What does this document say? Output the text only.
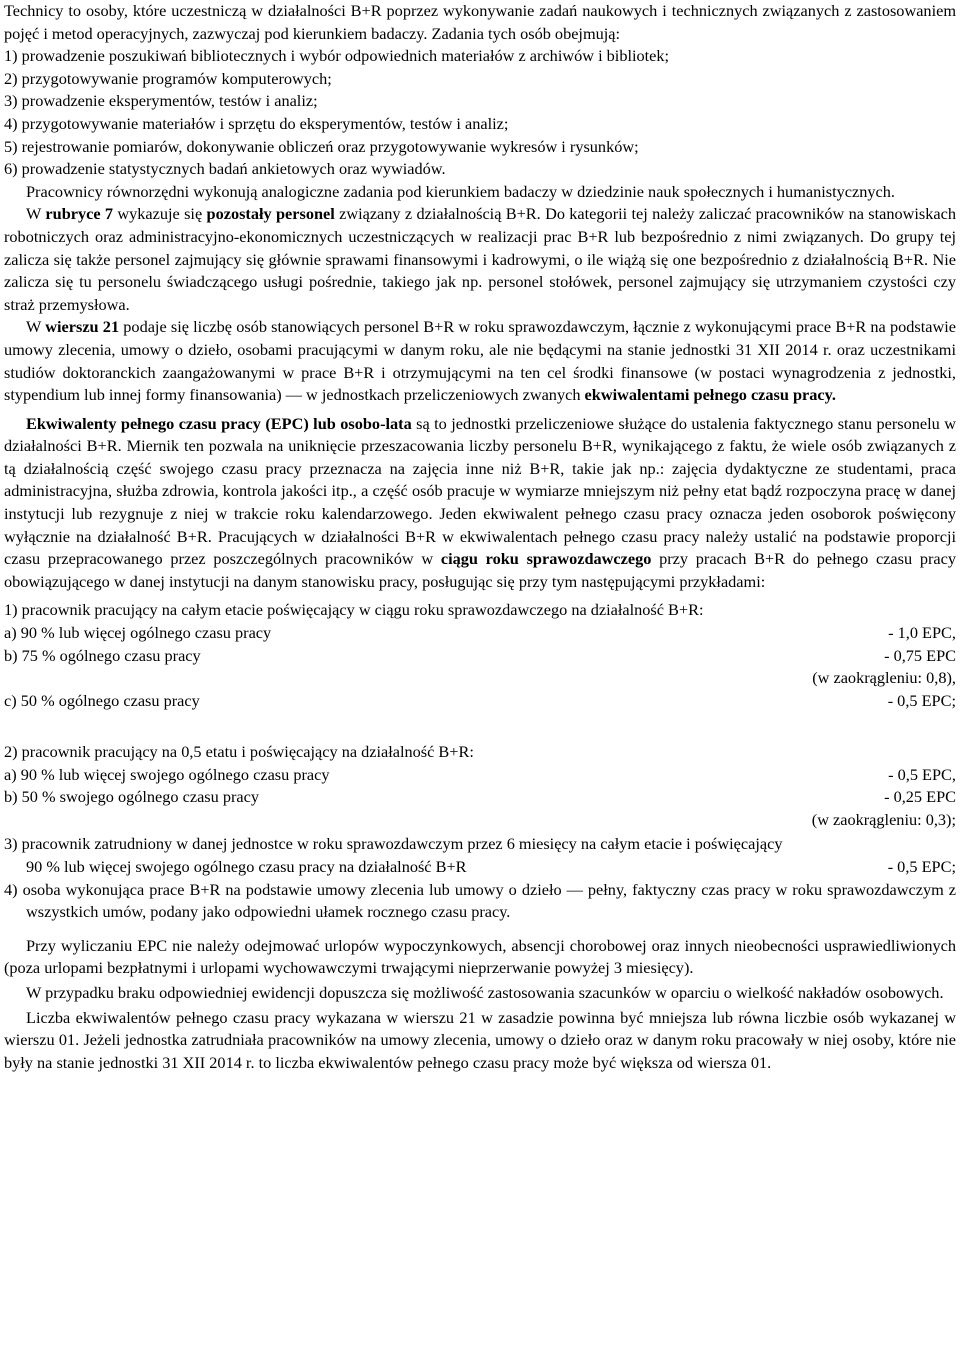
Technicy to osoby, które uczestniczą w działalności B+R poprzez wykonywanie zadań naukowych i technicznych związanych z zastosowaniem pojęć i metod operacyjnych, zazwyczaj pod kierunkiem badaczy. Zadania tych osób obejmują:

1) prowadzenie poszukiwań bibliotecznych i wybór odpowiednich materiałów z archiwów i bibliotek;

2) przygotowywanie programów komputerowych;

3) prowadzenie eksperymentów, testów i analiz;

4) przygotowywanie materiałów i sprzętu do eksperymentów, testów i analiz;

5) rejestrowanie pomiarów, dokonywanie obliczeń oraz przygotowywanie wykresów i rysunków;

6) prowadzenie statystycznych badań ankietowych oraz wywiadów.

Pracownicy równorzędni wykonują analogiczne zadania pod kierunkiem badaczy w dziedzinie nauk społecznych i humanistycznych.

W rubryce 7 wykazuje się pozostały personel związany z działalnością B+R. Do kategorii tej należy zaliczać pracowników na stanowiskach robotniczych oraz administracyjno-ekonomicznych uczestniczących w realizacji prac B+R lub bezpośrednio z nimi związanych. Do grupy tej zalicza się także personel zajmujący się głównie sprawami finansowymi i kadrowymi, o ile wiążą się one bezpośrednio z działalnością B+R. Nie zalicza się tu personelu świadczącego usługi pośrednie, takiego jak np. personel stołówek, personel zajmujący się utrzymaniem czystości czy straż przemysłowa.

W wierszu 21 podaje się liczbę osób stanowiących personel B+R w roku sprawozdawczym, łącznie z wykonującymi prace B+R na podstawie umowy zlecenia, umowy o dzieło, osobami pracującymi w danym roku, ale nie będącymi na stanie jednostki 31 XII 2014 r. oraz uczestnikami studiów doktoranckich zaangażowanymi w prace B+R i otrzymującymi na ten cel środki finansowe (w postaci wynagrodzenia z jednostki, stypendium lub innej formy finansowania) — w jednostkach przeliczeniowych zwanych ekwiwalentami pełnego czasu pracy.

Ekwiwalenty pełnego czasu pracy (EPC) lub osobo-lata są to jednostki przeliczeniowe służące do ustalenia faktycznego stanu personelu w działalności B+R. Miernik ten pozwala na uniknięcie przeszacowania liczby personelu B+R, wynikającego z faktu, że wiele osób związanych z tą działalnością część swojego czasu pracy przeznacza na zajęcia inne niż B+R, takie jak np.: zajęcia dydaktyczne ze studentami, praca administracyjna, służba zdrowia, kontrola jakości itp., a część osób pracuje w wymiarze mniejszym niż pełny etat bądź rozpoczyna pracę w danej instytucji lub rezygnuje z niej w trakcie roku kalendarzowego. Jeden ekwiwalent pełnego czasu pracy oznacza jeden osoborok poświęcony wyłącznie na działalność B+R. Pracujących w działalności B+R w ekwiwalentach pełnego czasu pracy należy ustalić na podstawie proporcji czasu przepracowanego przez poszczególnych pracowników w ciągu roku sprawozdawczego przy pracach B+R do pełnego czasu pracy obowiązującego w danej instytucji na danym stanowisku pracy, posługując się przy tym następującymi przykładami:

1) pracownik pracujący na całym etacie poświęcający w ciągu roku sprawozdawczego na działalność B+R:

a) 90 % lub więcej ogólnego czasu pracy	- 1,0 EPC,
b) 75 % ogólnego czasu pracy	- 0,75 EPC

(w zaokrągleniu: 0,8),

c) 50 % ogólnego czasu pracy	- 0,5 EPC;

2) pracownik pracujący na 0,5 etatu i poświęcający na działalność B+R:

a) 90 % lub więcej swojego ogólnego czasu pracy	- 0,5 EPC,
b) 50 % swojego ogólnego czasu pracy	- 0,25 EPC

(w zaokrągleniu: 0,3);

3) pracownik zatrudniony w danej jednostce w roku sprawozdawczym przez 6 miesięcy na całym etacie i poświęcający

90 % lub więcej swojego ogólnego czasu pracy na działalność B+R	- 0,5 EPC;

4) osoba wykonująca prace B+R na podstawie umowy zlecenia lub umowy o dzieło — pełny, faktyczny czas pracy w roku sprawozdawczym z wszystkich umów, podany jako odpowiedni ułamek rocznego czasu pracy.

Przy wyliczaniu EPC nie należy odejmować urlopów wypoczynkowych, absencji chorobowej oraz innych nieobecności usprawiedliwionych (poza urlopami bezpłatnymi i urlopami wychowawczymi trwającymi nieprzerwanie powyżej 3 miesięcy).

W przypadku braku odpowiedniej ewidencji dopuszcza się możliwość zastosowania szacunków w oparciu o wielkość nakładów osobowych.

Liczba ekwiwalentów pełnego czasu pracy wykazana w wierszu 21 w zasadzie powinna być mniejsza lub równa liczbie osób wykazanej w wierszu 01. Jeżeli jednostka zatrudniała pracowników na umowy zlecenia, umowy o dzieło oraz w danym roku pracowały w niej osoby, które nie były na stanie jednostki 31 XII 2014 r. to liczba ekwiwalentów pełnego czasu pracy może być większa od wiersza 01.
